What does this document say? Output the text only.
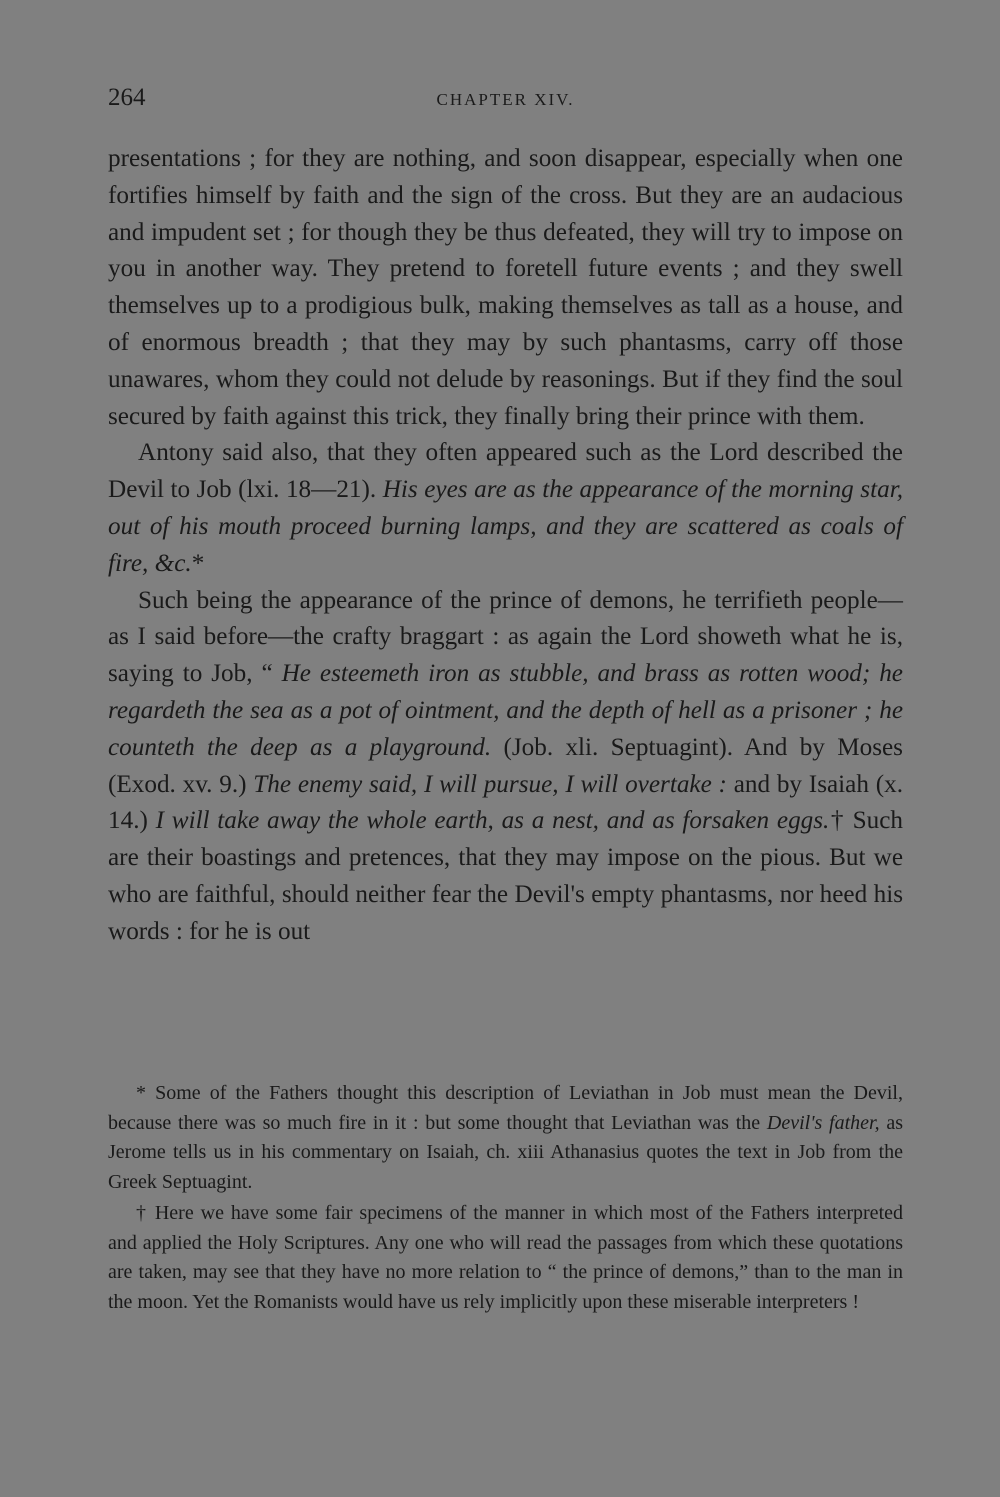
264	CHAPTER XIV.

presentations ; for they are nothing, and soon disappear, especially when one fortifies himself by faith and the sign of the cross. But they are an audacious and impudent set ; for though they be thus defeated, they will try to impose on you in another way. They pretend to foretell future events ; and they swell themselves up to a prodigious bulk, making themselves as tall as a house, and of enormous breadth ; that they may by such phantasms, carry off those unawares, whom they could not delude by reasonings. But if they find the soul secured by faith against this trick, they finally bring their prince with them.

Antony said also, that they often appeared such as the Lord described the Devil to Job (lxi. 18—21). His eyes are as the appearance of the morning star, out of his mouth proceed burning lamps, and they are scattered as coals of fire, &c.*

Such being the appearance of the prince of demons, he terrifieth people—as I said before—the crafty braggart : as again the Lord showeth what he is, saying to Job, “ He esteemeth iron as stubble, and brass as rotten wood; he regardeth the sea as a pot of ointment, and the depth of hell as a prisoner ; he counteth the deep as a playground. (Job. xli. Septuagint). And by Moses (Exod. xv. 9.) The enemy said, I will pursue, I will overtake : and by Isaiah (x. 14.) I will take away the whole earth, as a nest, and as forsaken eggs.† Such are their boastings and pretences, that they may impose on the pious. But we who are faithful, should neither fear the Devil's empty phantasms, nor heed his words : for he is out

* Some of the Fathers thought this description of Leviathan in Job must mean the Devil, because there was so much fire in it : but some thought that Leviathan was the Devil's father, as Jerome tells us in his commentary on Isaiah, ch. xiii Athanasius quotes the text in Job from the Greek Septuagint.

† Here we have some fair specimens of the manner in which most of the Fathers interpreted and applied the Holy Scriptures. Any one who will read the passages from which these quotations are taken, may see that they have no more relation to “ the prince of demons,” than to the man in the moon. Yet the Romanists would have us rely implicitly upon these miserable interpreters !
